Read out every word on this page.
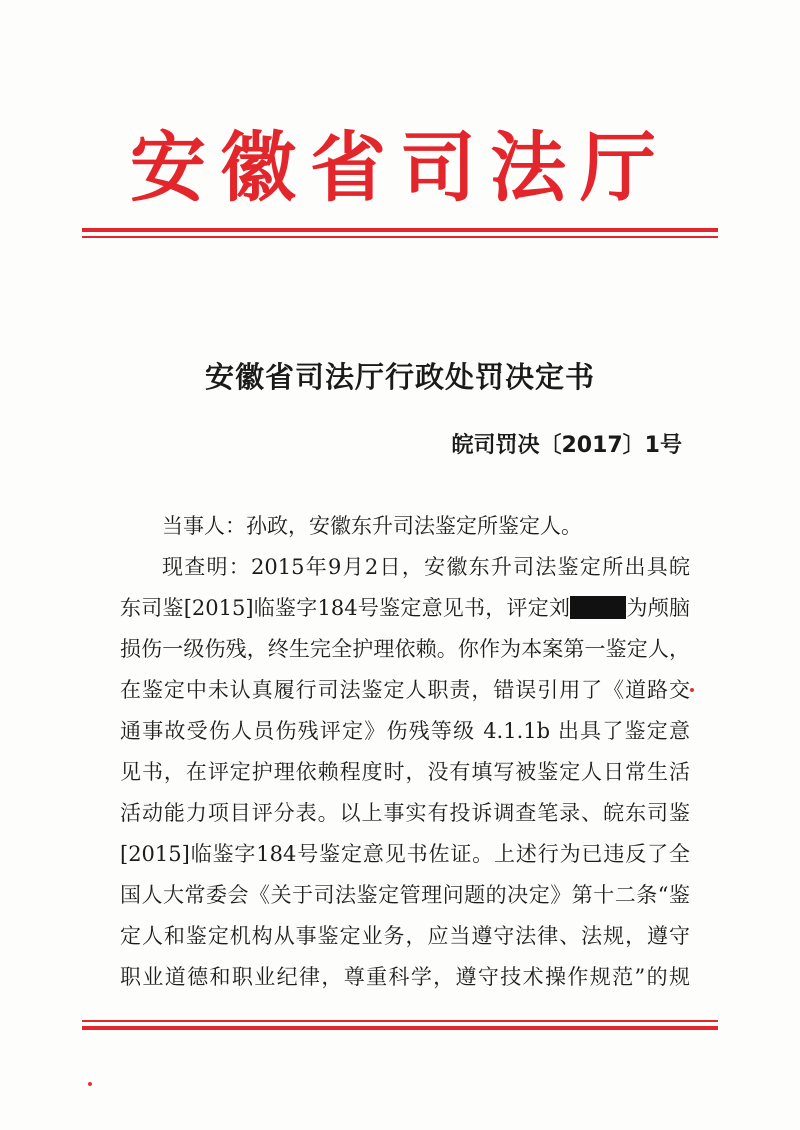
安徽省司法厅
安徽省司法厅行政处罚决定书
皖司罚决〔2017〕1号
当事人：孙政，安徽东升司法鉴定所鉴定人。
现查明：2015年9月2日，安徽东升司法鉴定所出具皖
东司鉴[2015]临鉴字184号鉴定意见书，评定刘	为颅脑
损伤一级伤残，终生完全护理依赖。你作为本案第一鉴定人，
在鉴定中未认真履行司法鉴定人职责，错误引用了《道路交
通事故受伤人员伤残评定》伤残等级 4.1.1b 出具了鉴定意
见书，在评定护理依赖程度时，没有填写被鉴定人日常生活
活动能力项目评分表。以上事实有投诉调查笔录、皖东司鉴
[2015]临鉴字184号鉴定意见书佐证。上述行为已违反了全
国人大常委会《关于司法鉴定管理问题的决定》第十二条“鉴
定人和鉴定机构从事鉴定业务，应当遵守法律、法规，遵守
职业道德和职业纪律，尊重科学，遵守技术操作规范”的规
